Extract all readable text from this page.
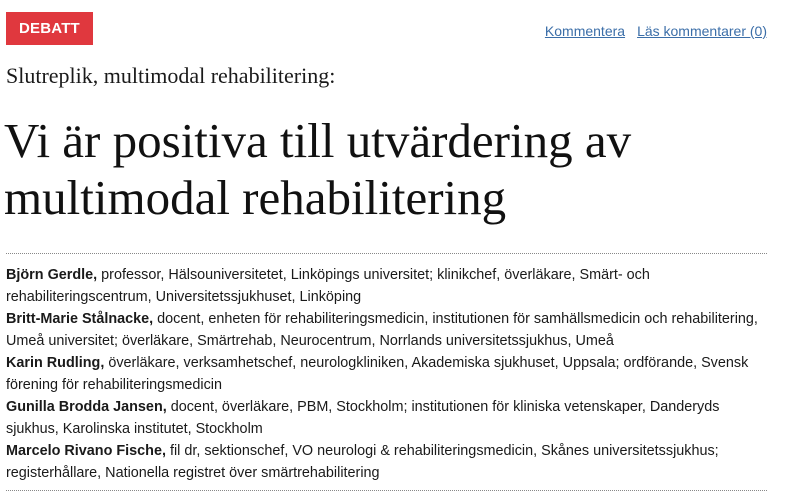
DEBATT	Kommentera Läs kommentarer (0)
Slutreplik, multimodal rehabilitering:
Vi är positiva till utvärdering av multimodal rehabilitering
Björn Gerdle, professor, Hälsouniversitetet, Linköpings universitet; klinikchef, överläkare, Smärt- och rehabiliteringscentrum, Universitetssjukhuset, Linköping
Britt-Marie Stålnacke, docent, enheten för rehabiliteringsmedicin, institutionen för samhällsmedicin och rehabilitering, Umeå universitet; överläkare, Smärtrehab, Neurocentrum, Norrlands universitetssjukhus, Umeå
Karin Rudling, överläkare, verksamhetschef, neurologkliniken, Akademiska sjukhuset, Uppsala; ordförande, Svensk förening för rehabiliteringsmedicin
Gunilla Brodda Jansen, docent, överläkare, PBM, Stockholm; institutionen för kliniska vetenskaper, Danderyds sjukhus, Karolinska institutet, Stockholm
Marcelo Rivano Fische, fil dr, sektionschef, VO neurologi & rehabiliteringsmedicin, Skånes universitetssjukhus; registerhållare, Nationella registret över smärtrehabilitering
